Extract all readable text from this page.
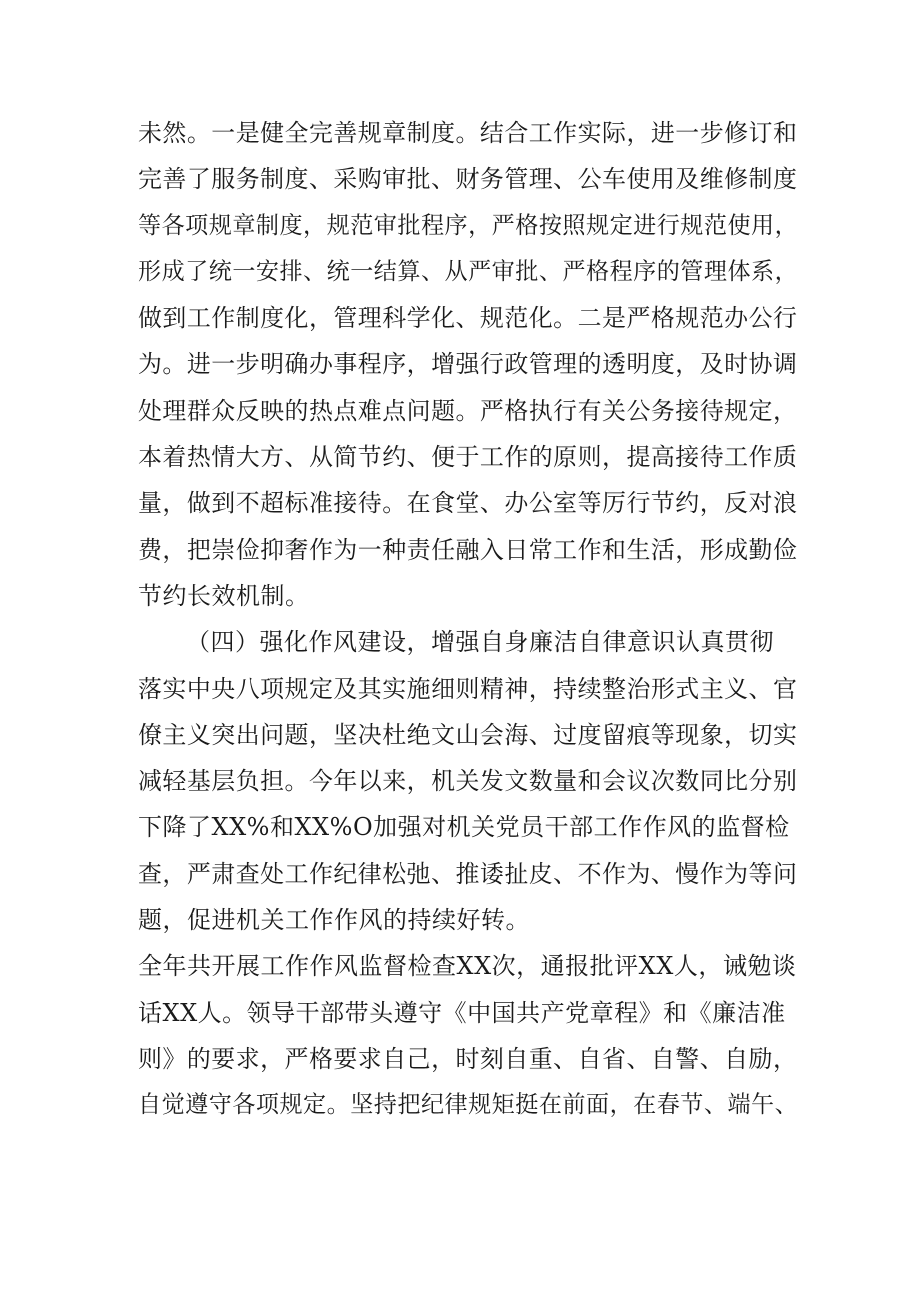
未然。一是健全完善规章制度。结合工作实际，进一步修订和
完善了服务制度、采购审批、财务管理、公车使用及维修制度
等各项规章制度，规范审批程序，严格按照规定进行规范使用，
形成了统一安排、统一结算、从严审批、严格程序的管理体系，
做到工作制度化，管理科学化、规范化。二是严格规范办公行
为。进一步明确办事程序，增强行政管理的透明度，及时协调
处理群众反映的热点难点问题。严格执行有关公务接待规定，
本着热情大方、从简节约、便于工作的原则，提高接待工作质
量，做到不超标准接待。在食堂、办公室等厉行节约，反对浪
费，把崇俭抑奢作为一种责任融入日常工作和生活，形成勤俭
节约长效机制。
（四）强化作风建设，增强自身廉洁自律意识认真贯彻
落实中央八项规定及其实施细则精神，持续整治形式主义、官
僚主义突出问题，坚决杜绝文山会海、过度留痕等现象，切实
减轻基层负担。今年以来，机关发文数量和会议次数同比分别
下降了XX%和XX%O加强对机关党员干部工作作风的监督检
查，严肃查处工作纪律松弛、推诿扯皮、不作为、慢作为等问
题，促进机关工作作风的持续好转。
全年共开展工作作风监督检查XX次，通报批评XX人，诫勉谈
话XX人。领导干部带头遵守《中国共产党章程》和《廉洁准
则》的要求，严格要求自己，时刻自重、自省、自警、自励，
自觉遵守各项规定。坚持把纪律规矩挺在前面，在春节、端午、
